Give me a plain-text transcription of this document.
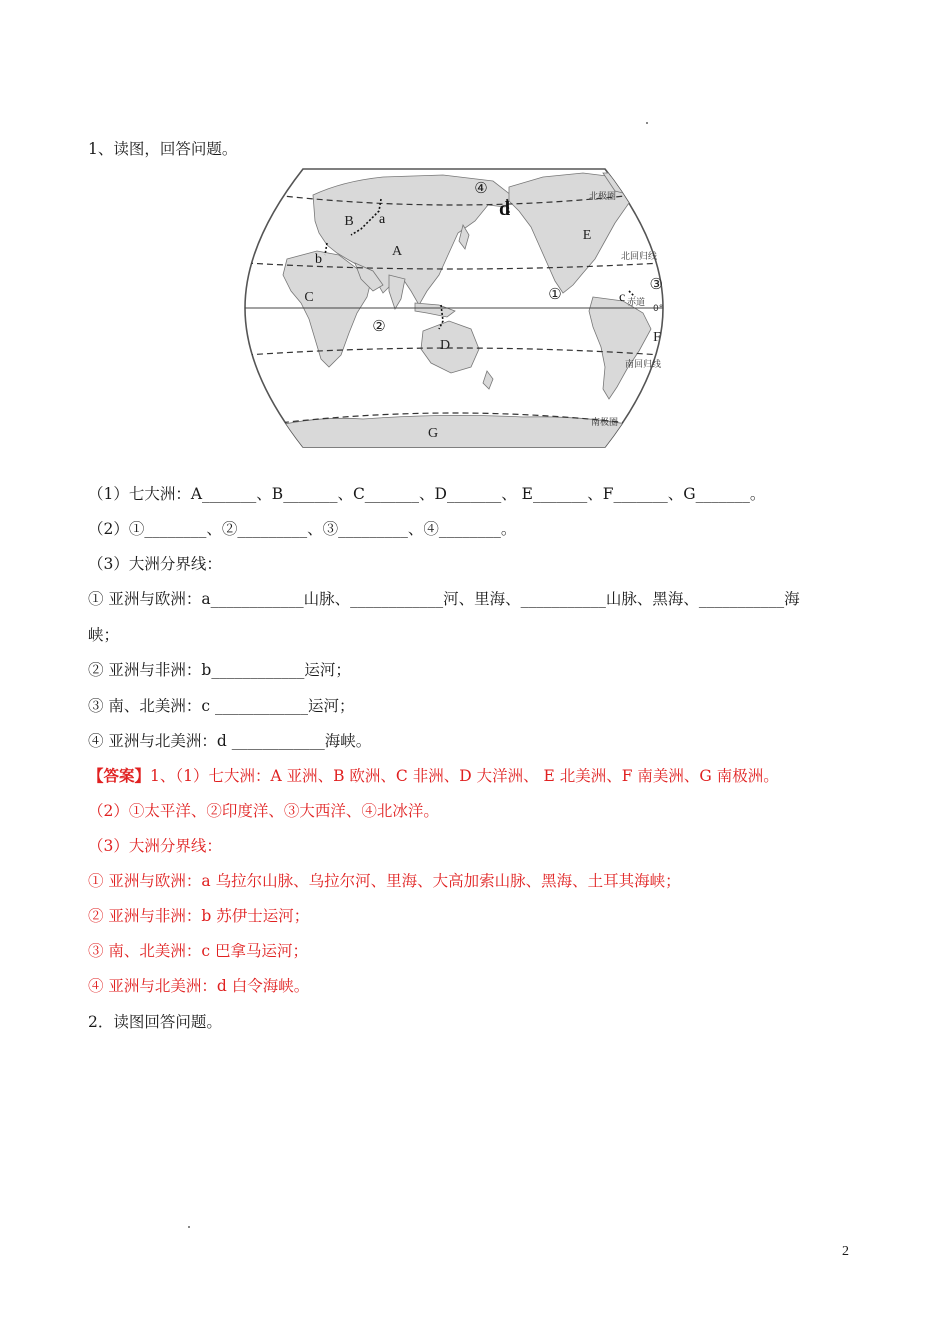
1、读图，回答问题。
A
B
C
D
E
F
G
①
②
④
③
a
b
c
d
北极圈
北回归线
赤道
0°
南回归线
南极圈
（1）七大洲：A_______、B_______、C_______、D_______、 E_______、F_______、G_______。
（2）①________、②_________、③_________、④________。
（3）大洲分界线：
① 亚洲与欧洲：a____________山脉、____________河、里海、___________山脉、黑海、___________海
峡；
② 亚洲与非洲：b____________运河；
③ 南、北美洲：c ____________运河；
④ 亚洲与北美洲：d ____________海峡。
【答案】1、（1）七大洲：A 亚洲、B 欧洲、C 非洲、D 大洋洲、 E 北美洲、F 南美洲、G 南极洲。
（2）①太平洋、②印度洋、③大西洋、④北冰洋。
（3）大洲分界线：
① 亚洲与欧洲：a 乌拉尔山脉、乌拉尔河、里海、大高加索山脉、黑海、土耳其海峡；
② 亚洲与非洲：b 苏伊士运河；
③ 南、北美洲：c 巴拿马运河；
④ 亚洲与北美洲：d 白令海峡。
2．读图回答问题。
2
